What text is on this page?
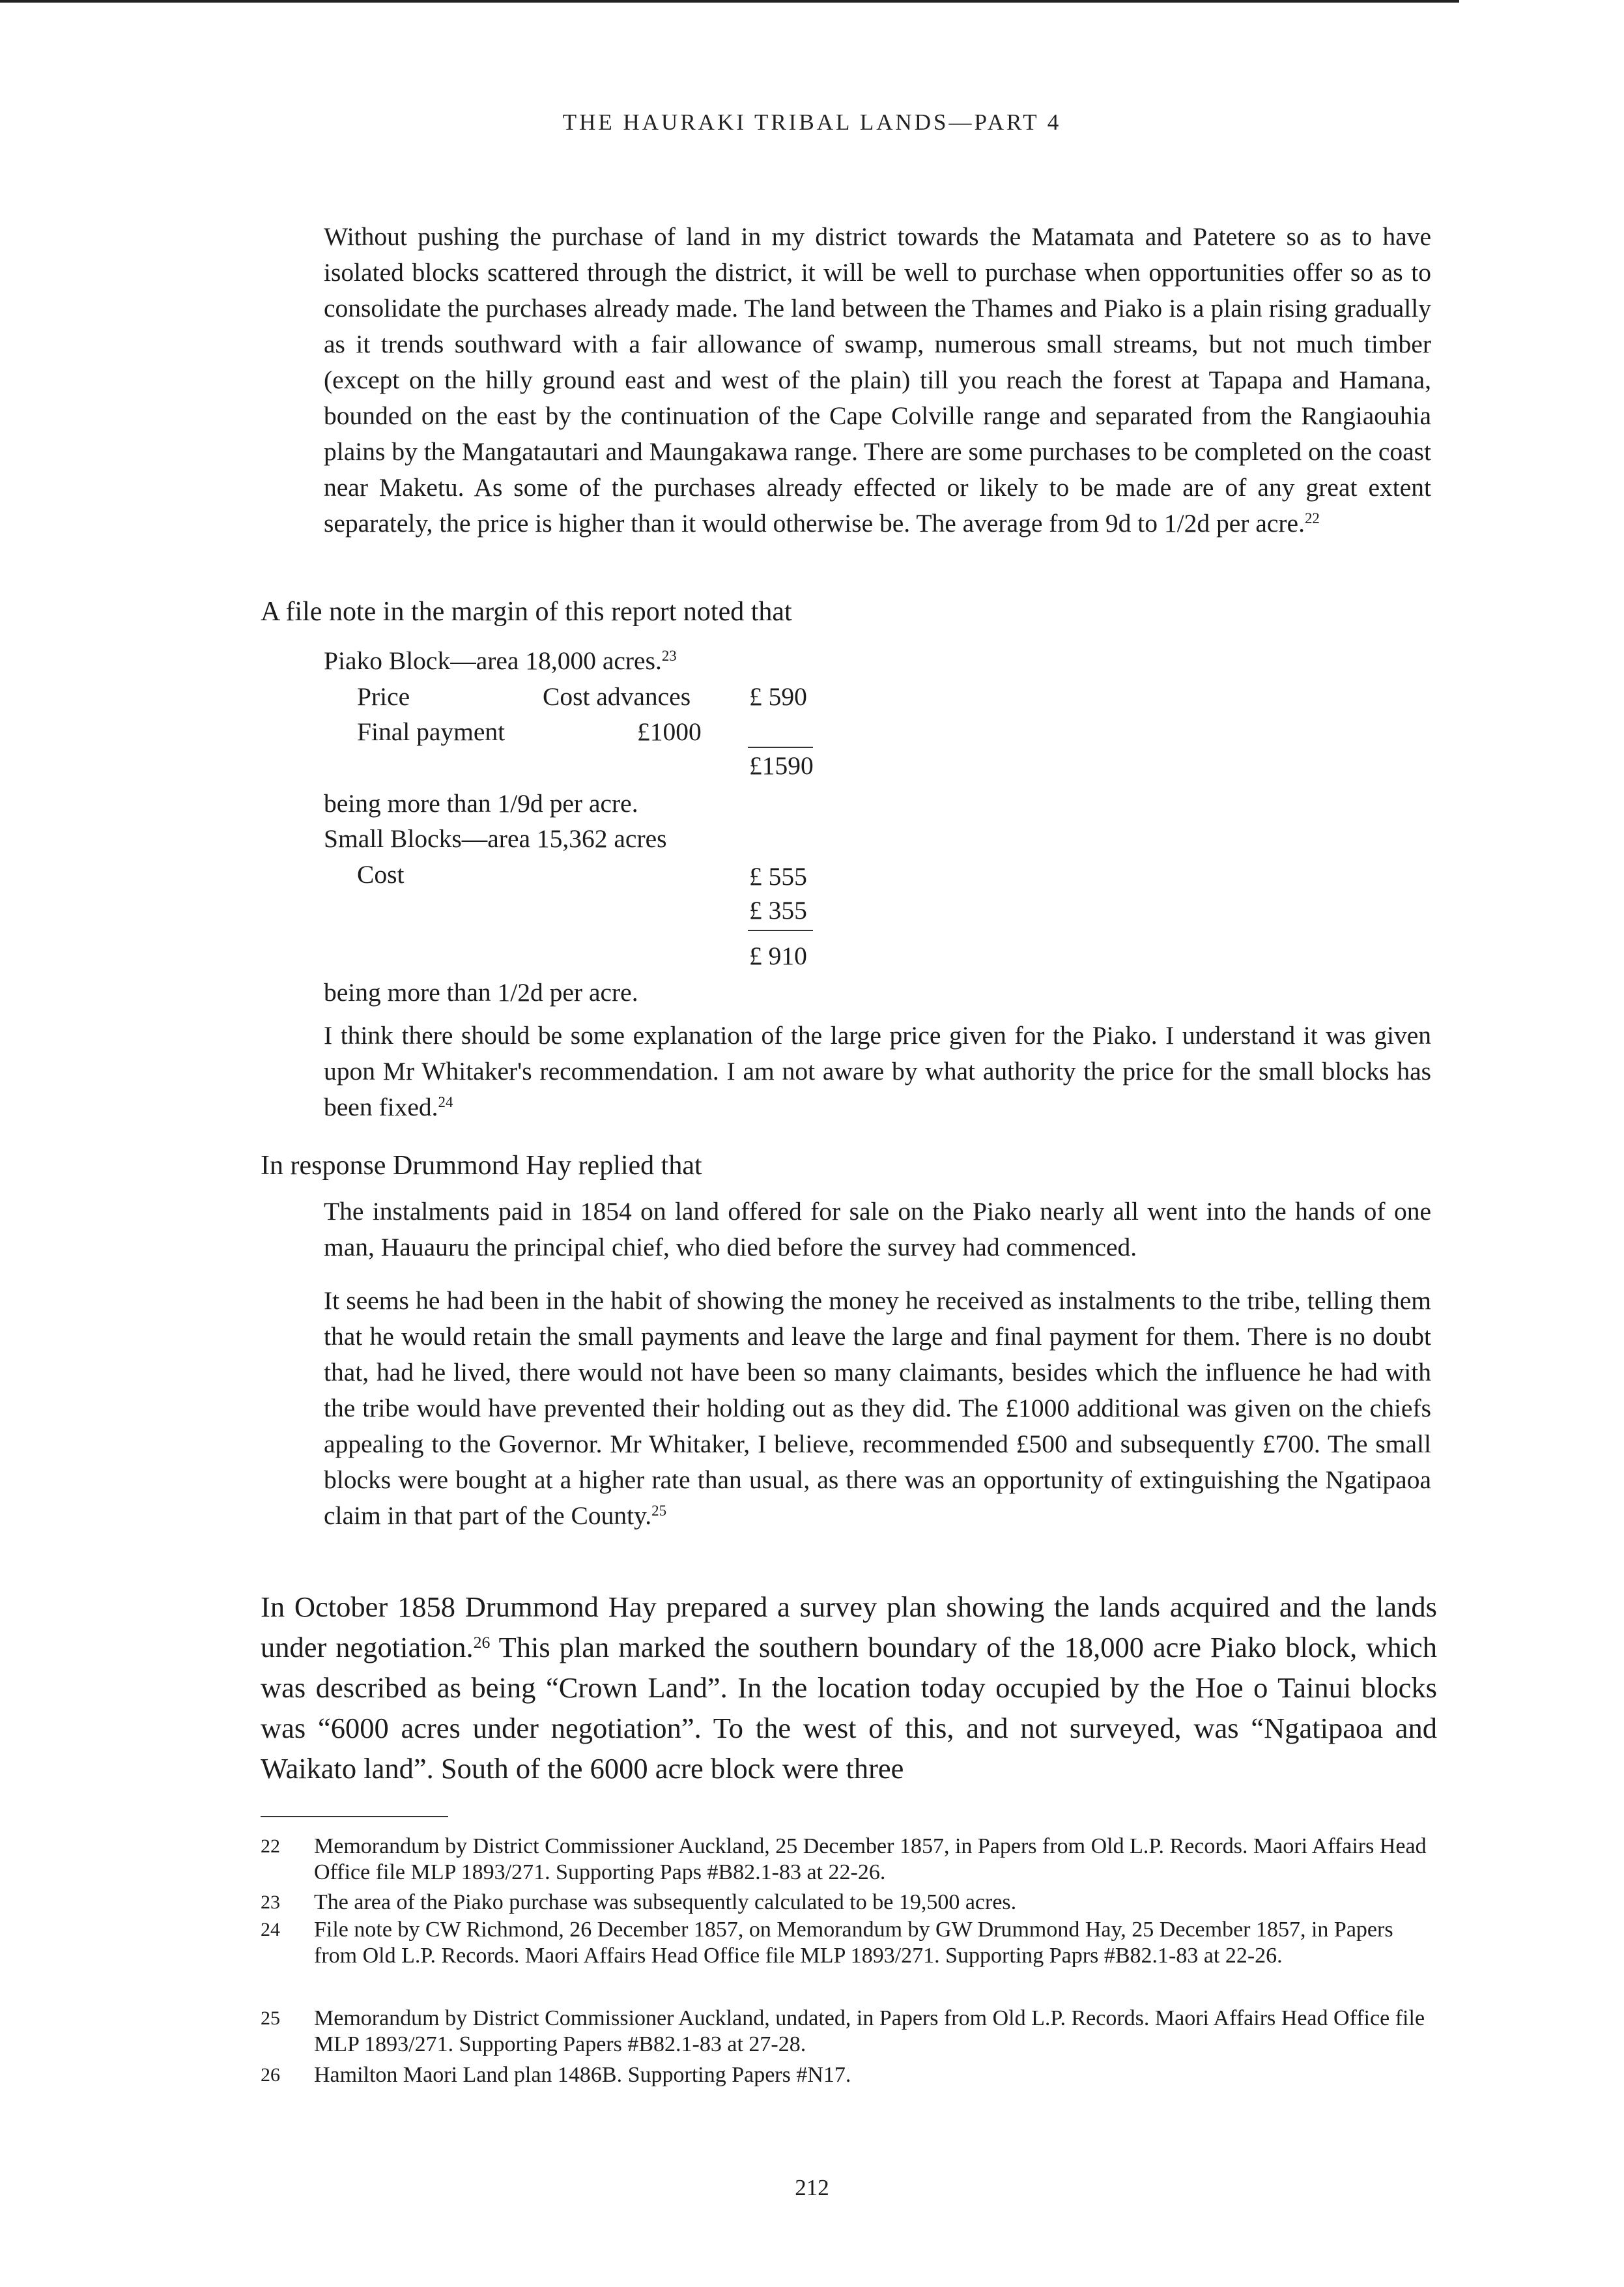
THE HAURAKI TRIBAL LANDS—PART 4

Without pushing the purchase of land in my district towards the Matamata and Patetere so as to have isolated blocks scattered through the district, it will be well to purchase when opportunities offer so as to consolidate the purchases already made. The land between the Thames and Piako is a plain rising gradually as it trends southward with a fair allowance of swamp, numerous small streams, but not much timber (except on the hilly ground east and west of the plain) till you reach the forest at Tapapa and Hamana, bounded on the east by the continuation of the Cape Colville range and separated from the Rangiaouhia plains by the Mangatautari and Maungakawa range. There are some purchases to be completed on the coast near Maketu. As some of the purchases already effected or likely to be made are of any great extent separately, the price is higher than it would otherwise be. The average from 9d to 1/2d per acre.$^{22}$

A file note in the margin of this report noted that

Piako Block—area 18,000 acres.$^{23}$
Price	Cost advances £ 590
Final payment	£1000
£1590
being more than 1/9d per acre.
Small Blocks—area 15,362 acres
Cost	£ 555
£ 355
£ 910
being more than 1/2d per acre.

I think there should be some explanation of the large price given for the Piako. I understand it was given upon Mr Whitaker's recommendation. I am not aware by what authority the price for the small blocks has been fixed.$^{24}$

In response Drummond Hay replied that

The instalments paid in 1854 on land offered for sale on the Piako nearly all went into the hands of one man, Hauauru the principal chief, who died before the survey had commenced.

It seems he had been in the habit of showing the money he received as instalments to the tribe, telling them that he would retain the small payments and leave the large and final payment for them. There is no doubt that, had he lived, there would not have been so many claimants, besides which the influence he had with the tribe would have prevented their holding out as they did. The £1000 additional was given on the chiefs appealing to the Governor. Mr Whitaker, I believe, recommended £500 and subsequently £700. The small blocks were bought at a higher rate than usual, as there was an opportunity of extinguishing the Ngatipaoa claim in that part of the County.$^{25}$

In October 1858 Drummond Hay prepared a survey plan showing the lands acquired and the lands under negotiation.$^{26}$ This plan marked the southern boundary of the 18,000 acre Piako block, which was described as being “Crown Land”. In the location today occupied by the Hoe o Tainui blocks was “6000 acres under negotiation”. To the west of this, and not surveyed, was “Ngatipaoa and Waikato land”. South of the 6000 acre block were three

22	Memorandum by District Commissioner Auckland, 25 December 1857, in Papers from Old L.P. Records. Maori Affairs Head Office file MLP 1893/271. Supporting Paps #B82.1-83 at 22-26.
23	The area of the Piako purchase was subsequently calculated to be 19,500 acres.
24	File note by CW Richmond, 26 December 1857, on Memorandum by GW Drummond Hay, 25 December 1857, in Papers from Old L.P. Records. Maori Affairs Head Office file MLP 1893/271. Supporting Paprs #B82.1-83 at 22-26.
25	Memorandum by District Commissioner Auckland, undated, in Papers from Old L.P. Records. Maori Affairs Head Office file MLP 1893/271. Supporting Papers #B82.1-83 at 27-28.
26	Hamilton Maori Land plan 1486B. Supporting Papers #N17.
212
